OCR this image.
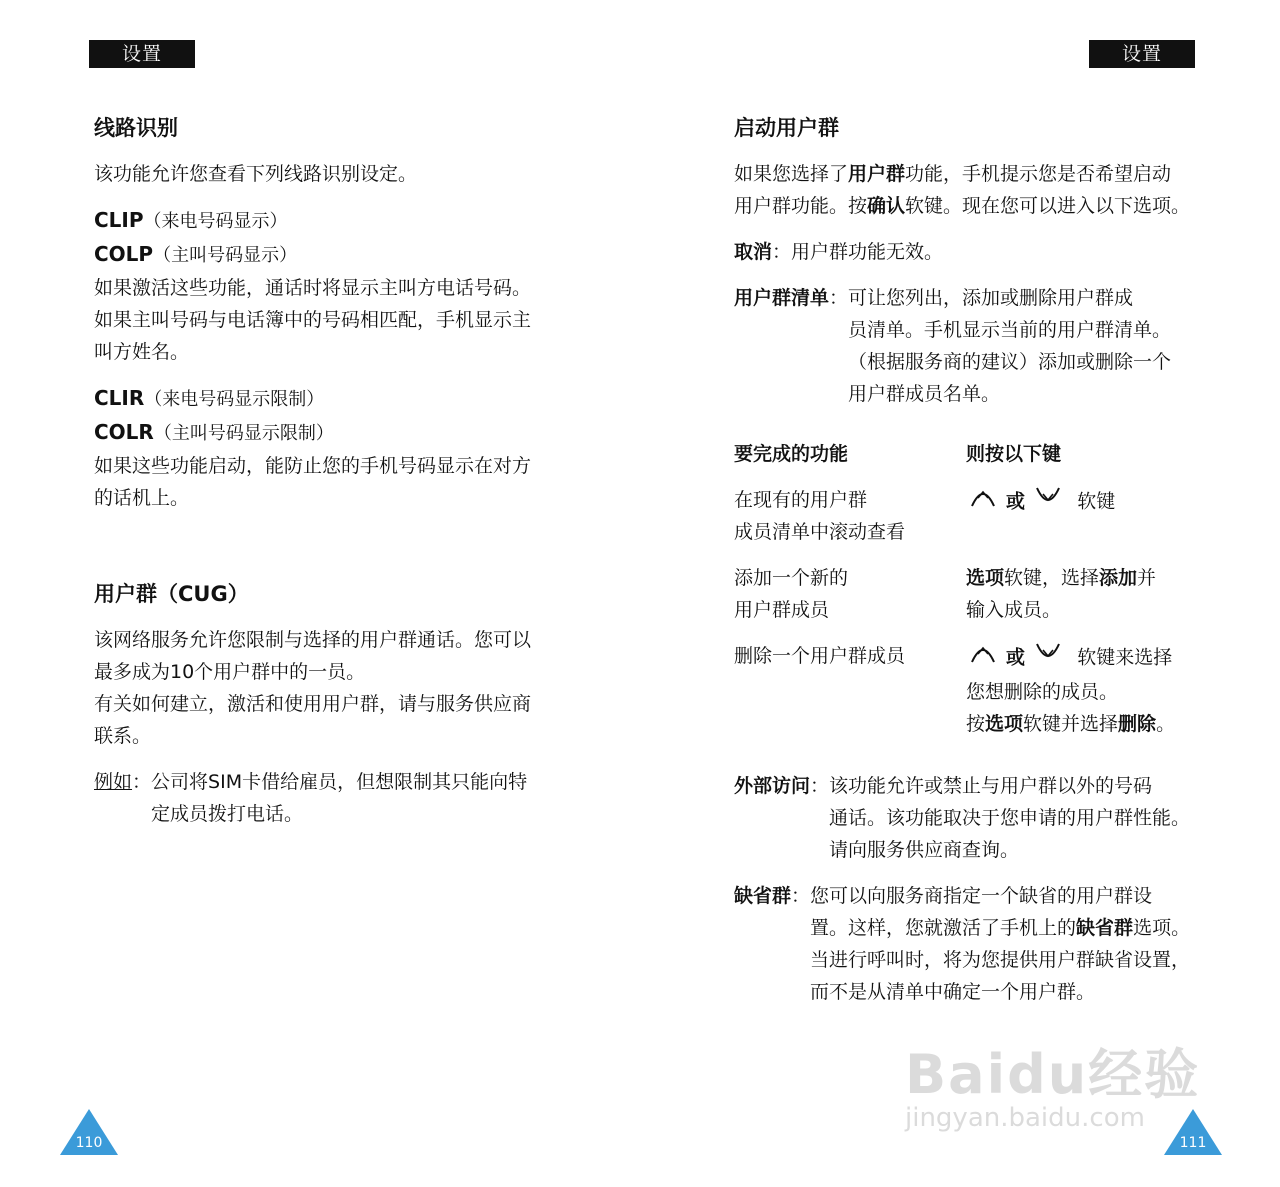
设置
线路识别

该功能允许您查看下列线路识别设定。

CLIP（来电号码显示）

COLP（主叫号码显示）

如果激活这些功能，通话时将显示主叫方电话号码。

如果主叫号码与电话簿中的号码相匹配，手机显示主

叫方姓名。

CLIR（来电号码显示限制）

COLR（主叫号码显示限制）

如果这些功能启动，能防止您的手机号码显示在对方

的话机上。

用户群（CUG）

该网络服务允许您限制与选择的用户群通话。您可以

最多成为10个用户群中的一员。

有关如何建立，激活和使用用户群，请与服务供应商

联系。

例如： 公司将SIM卡借给雇员，但想限制其只能向特
定成员拨打电话。
110
设置
启动用户群

如果您选择了用户群功能，手机提示您是否希望启动

用户群功能。按确认软键。现在您可以进入以下选项。

取消：用户群功能无效。

用户群清单： 可让您列出，添加或删除用户群成
员清单。手机显示当前的用户群清单。
（根据服务商的建议）添加或删除一个
用户群成员名单。
要完成的功能	则按以下键

在现有的用户群
成员清单中滚动查看	或 软键

添加一个新的
用户群成员	选项软键，选择添加并
输入成员。

删除一个用户群成员	或 软键来选择
您想删除的成员。
按选项软键并选择删除。
外部访问： 该功能允许或禁止与用户群以外的号码
通话。该功能取决于您申请的用户群性能。
请向服务供应商查询。
缺省群： 您可以向服务商指定一个缺省的用户群设
置。这样，您就激活了手机上的缺省群选项。
当进行呼叫时，将为您提供用户群缺省设置，
而不是从清单中确定一个用户群。
111
Baidu经验
jingyan.baidu.com
